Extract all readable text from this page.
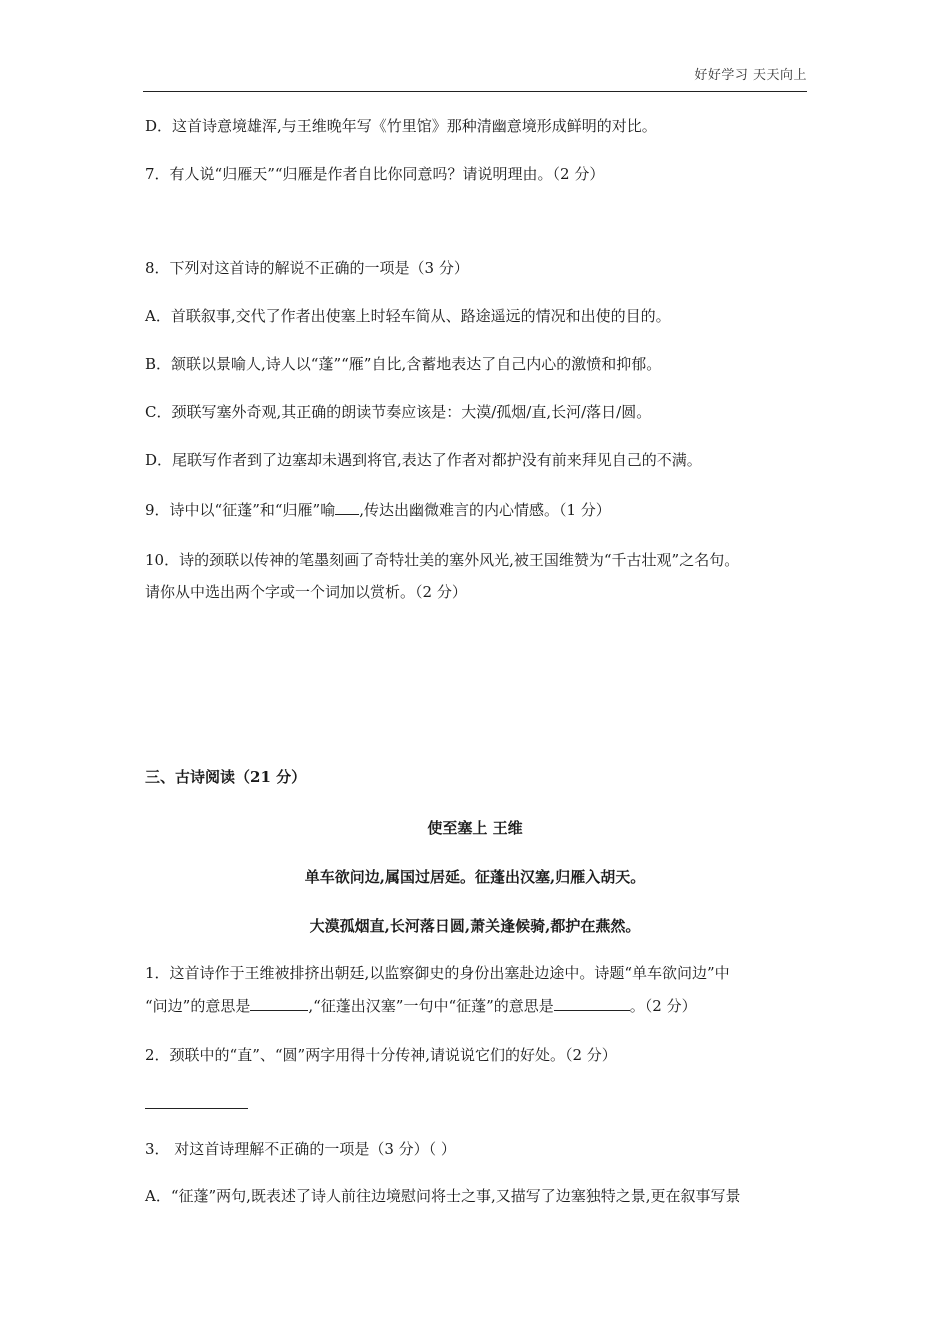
好好学习 天天向上
D．这首诗意境雄浑,与王维晚年写《竹里馆》那种清幽意境形成鲜明的对比。
7．有人说“归雁天”“归雁是作者自比你同意吗？请说明理由。（2 分）
8．下列对这首诗的解说不正确的一项是（3 分）
A．首联叙事,交代了作者出使塞上时轻车简从、路途遥远的情况和出使的目的。
B．颔联以景喻人,诗人以“蓬”“雁”自比,含蓄地表达了自己内心的激愤和抑郁。
C．颈联写塞外奇观,其正确的朗读节奏应该是：大漠/孤烟/直,长河/落日/圆。
D．尾联写作者到了边塞却未遇到将官,表达了作者对都护没有前来拜见自己的不满。
9．诗中以“征蓬”和“归雁”喻 ,传达出幽微难言的内心情感。（1 分）
10．诗的颈联以传神的笔墨刻画了奇特壮美的塞外风光,被王国维赞为“千古壮观”之名句。
请你从中选出两个字或一个词加以赏析。（2 分）
三、古诗阅读（21 分）
使至塞上 王维
单车欲问边,属国过居延。征蓬出汉塞,归雁入胡天。
大漠孤烟直,长河落日圆,萧关逢候骑,都护在燕然。
1．这首诗作于王维被排挤出朝廷,以监察御史的身份出塞赴边途中。诗题“单车欲问边”中
“问边”的意思是	,“征蓬出汉塞”一句中“征蓬”的意思是	。（2 分）
2．颈联中的“直”、“圆”两字用得十分传神,请说说它们的好处。（2 分）
3． 对这首诗理解不正确的一项是（3 分）（ ）
A．“征蓬”两句,既表述了诗人前往边境慰问将士之事,又描写了边塞独特之景,更在叙事写景
